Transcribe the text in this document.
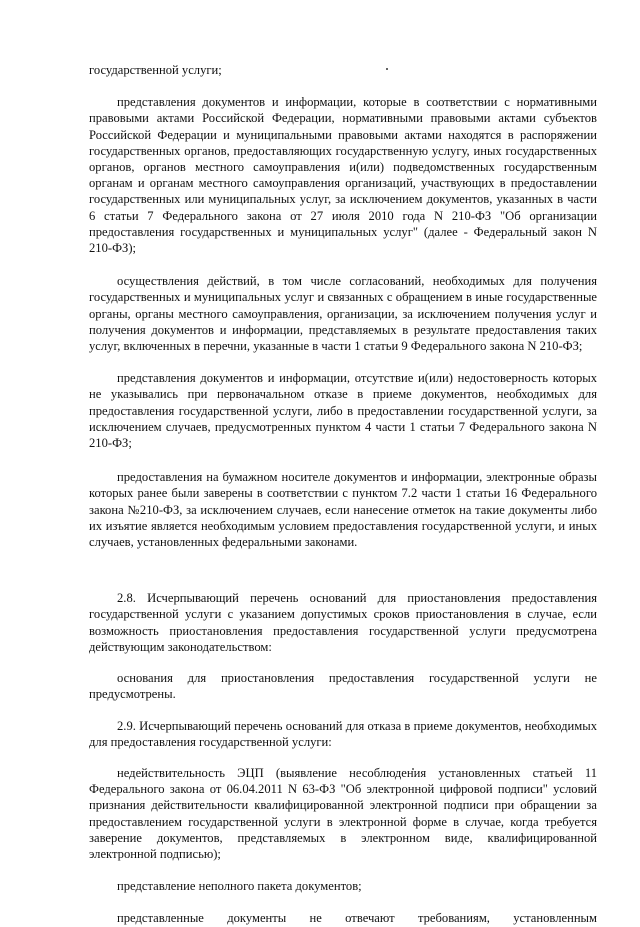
государственной услуги;

представления документов и информации, которые в соответствии с нормативными правовыми актами Российской Федерации, нормативными правовыми актами субъектов Российской Федерации и муниципальными правовыми актами находятся в распоряжении государственных органов, предоставляющих государственную услугу, иных государственных органов, органов местного самоуправления и(или) подведомственных государственным органам и органам местного самоуправления организаций, участвующих в предоставлении государственных или муниципальных услуг, за исключением документов, указанных в части 6 статьи 7 Федерального закона от 27 июля 2010 года N 210-ФЗ "Об организации предоставления государственных и муниципальных услуг" (далее - Федеральный закон N 210-ФЗ);

осуществления действий, в том числе согласований, необходимых для получения государственных и муниципальных услуг и связанных с обращением в иные государственные органы, органы местного самоуправления, организации, за исключением получения услуг и получения документов и информации, представляемых в результате предоставления таких услуг, включенных в перечни, указанные в части 1 статьи 9 Федерального закона N 210-ФЗ;

представления документов и информации, отсутствие и(или) недостоверность которых не указывались при первоначальном отказе в приеме документов, необходимых для предоставления государственной услуги, либо в предоставлении государственной услуги, за исключением случаев, предусмотренных пунктом 4 части 1 статьи 7 Федерального закона N 210-ФЗ;

предоставления на бумажном носителе документов и информации, электронные образы которых ранее были заверены в соответствии с пунктом 7.2 части 1 статьи 16 Федерального закона №210-ФЗ, за исключением случаев, если нанесение отметок на такие документы либо их изъятие является необходимым условием предоставления государственной услуги, и иных случаев, установленных федеральными законами.

2.8. Исчерпывающий перечень оснований для приостановления предоставления государственной услуги с указанием допустимых сроков приостановления в случае, если возможность приостановления предоставления государственной услуги предусмотрена действующим законодательством:

основания для приостановления предоставления государственной услуги не предусмотрены.

2.9. Исчерпывающий перечень оснований для отказа в приеме документов, необходимых для предоставления государственной услуги:

недействительность ЭЦП (выявление несоблюдения установленных статьей 11 Федерального закона от 06.04.2011 N 63-ФЗ "Об электронной цифровой подписи" условий признания действительности квалифицированной электронной подписи при обращении за предоставлением государственной услуги в электронной форме в случае, когда требуется заверение документов, представляемых в электронном виде, квалифицированной электронной подписью);

представление неполного пакета документов;

представленные документы не отвечают требованиям, установленным
